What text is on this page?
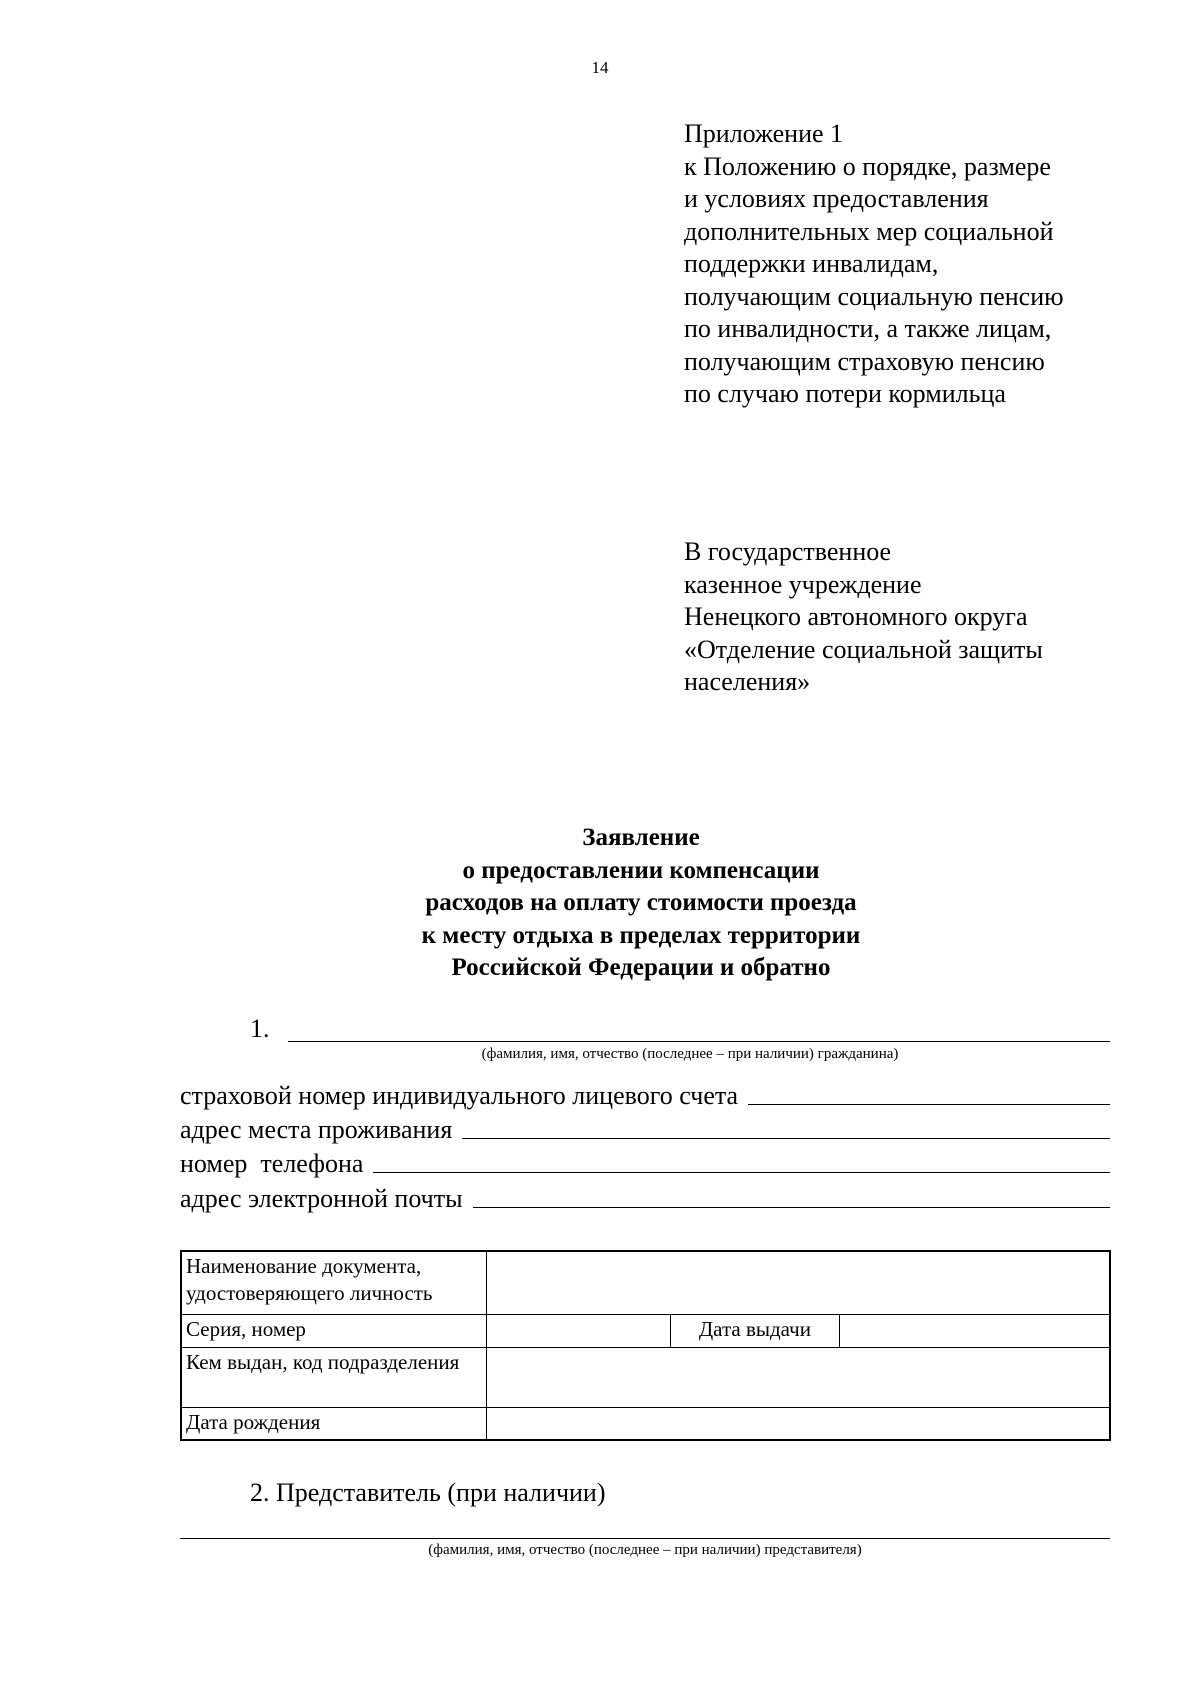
14
Приложение 1
к Положению о порядке, размере
и условиях предоставления
дополнительных мер социальной
поддержки инвалидам,
получающим социальную пенсию
по инвалидности, а также лицам,
получающим страховую пенсию
по случаю потери кормильца
В государственное
казенное учреждение
Ненецкого автономного округа
«Отделение социальной защиты
населения»
Заявление
о предоставлении компенсации
расходов на оплату стоимости проезда
к месту отдыха в пределах территории
Российской Федерации и обратно
1.
(фамилия, имя, отчество (последнее – при наличии) гражданина)
страховой номер индивидуального лицевого счета
адрес места проживания
номер  телефона
адрес электронной почты
Наименование документа, удостоверяющего личность			
Серия, номер		Дата выдачи	
Кем выдан, код подразделения			
Дата рождения			
2. Представитель (при наличии)
(фамилия, имя, отчество (последнее – при наличии) представителя)
